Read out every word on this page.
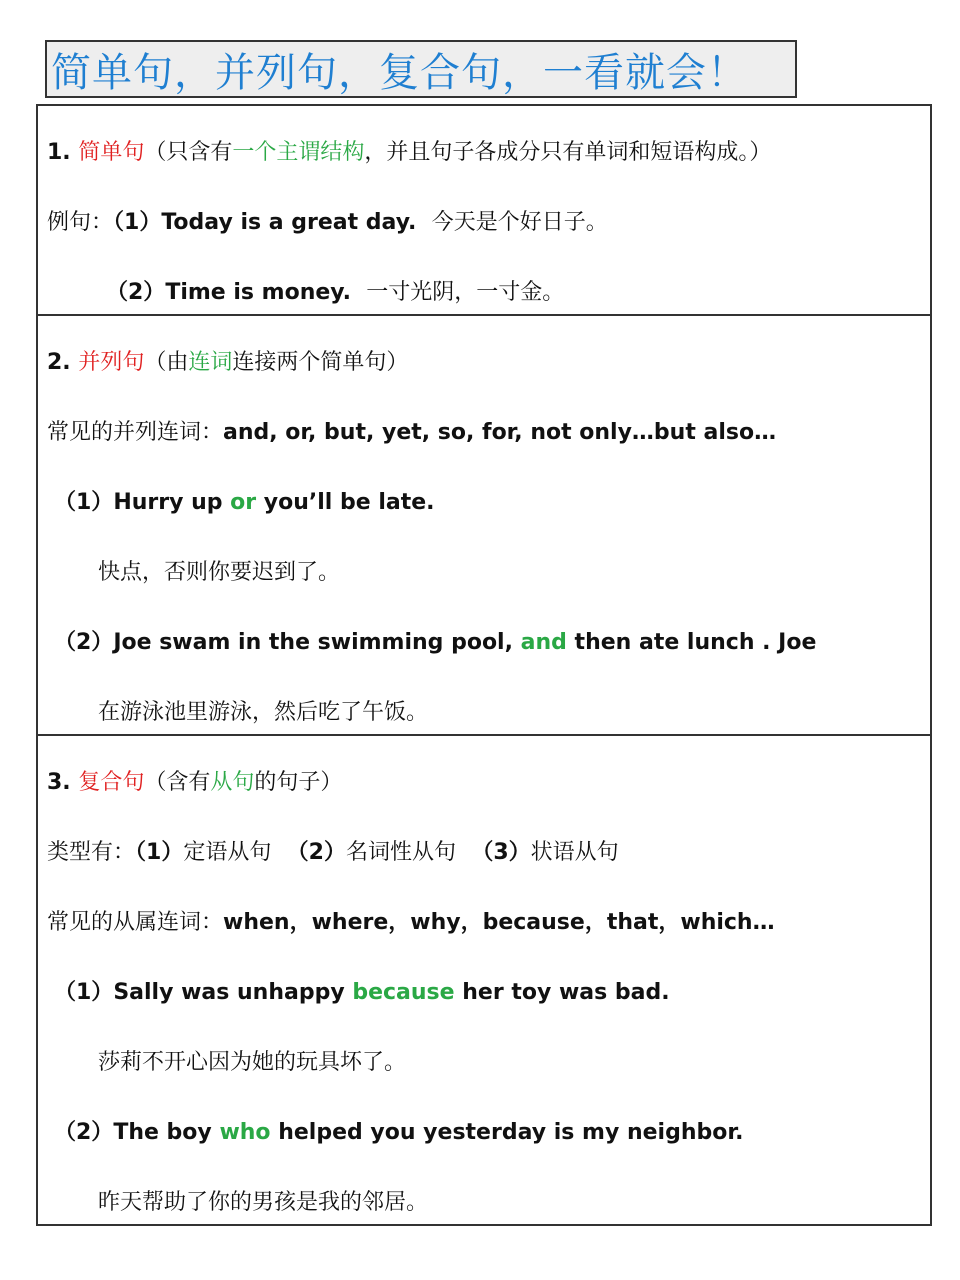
简单句，并列句，复合句，一看就会！
1. 简单句（只含有一个主谓结构，并且句子各成分只有单词和短语构成。）
例句：（1）Today is a great day. 今天是个好日子。
（2）Time is money. 一寸光阴，一寸金。
2. 并列句（由连词连接两个简单句）
常见的并列连词：and, or, but, yet, so, for, not only…but also…
（1）Hurry up or you’ll be late.
快点，否则你要迟到了。
（2）Joe swam in the swimming pool, and then ate lunch . Joe
在游泳池里游泳，然后吃了午饭。
3. 复合句（含有从句的句子）
类型有：（1）定语从句 （2）名词性从句 （3）状语从句
常见的从属连词：when，where，why，because，that，which…
（1）Sally was unhappy because her toy was bad.
莎莉不开心因为她的玩具坏了。
（2）The boy who helped you yesterday is my neighbor.
昨天帮助了你的男孩是我的邻居。
